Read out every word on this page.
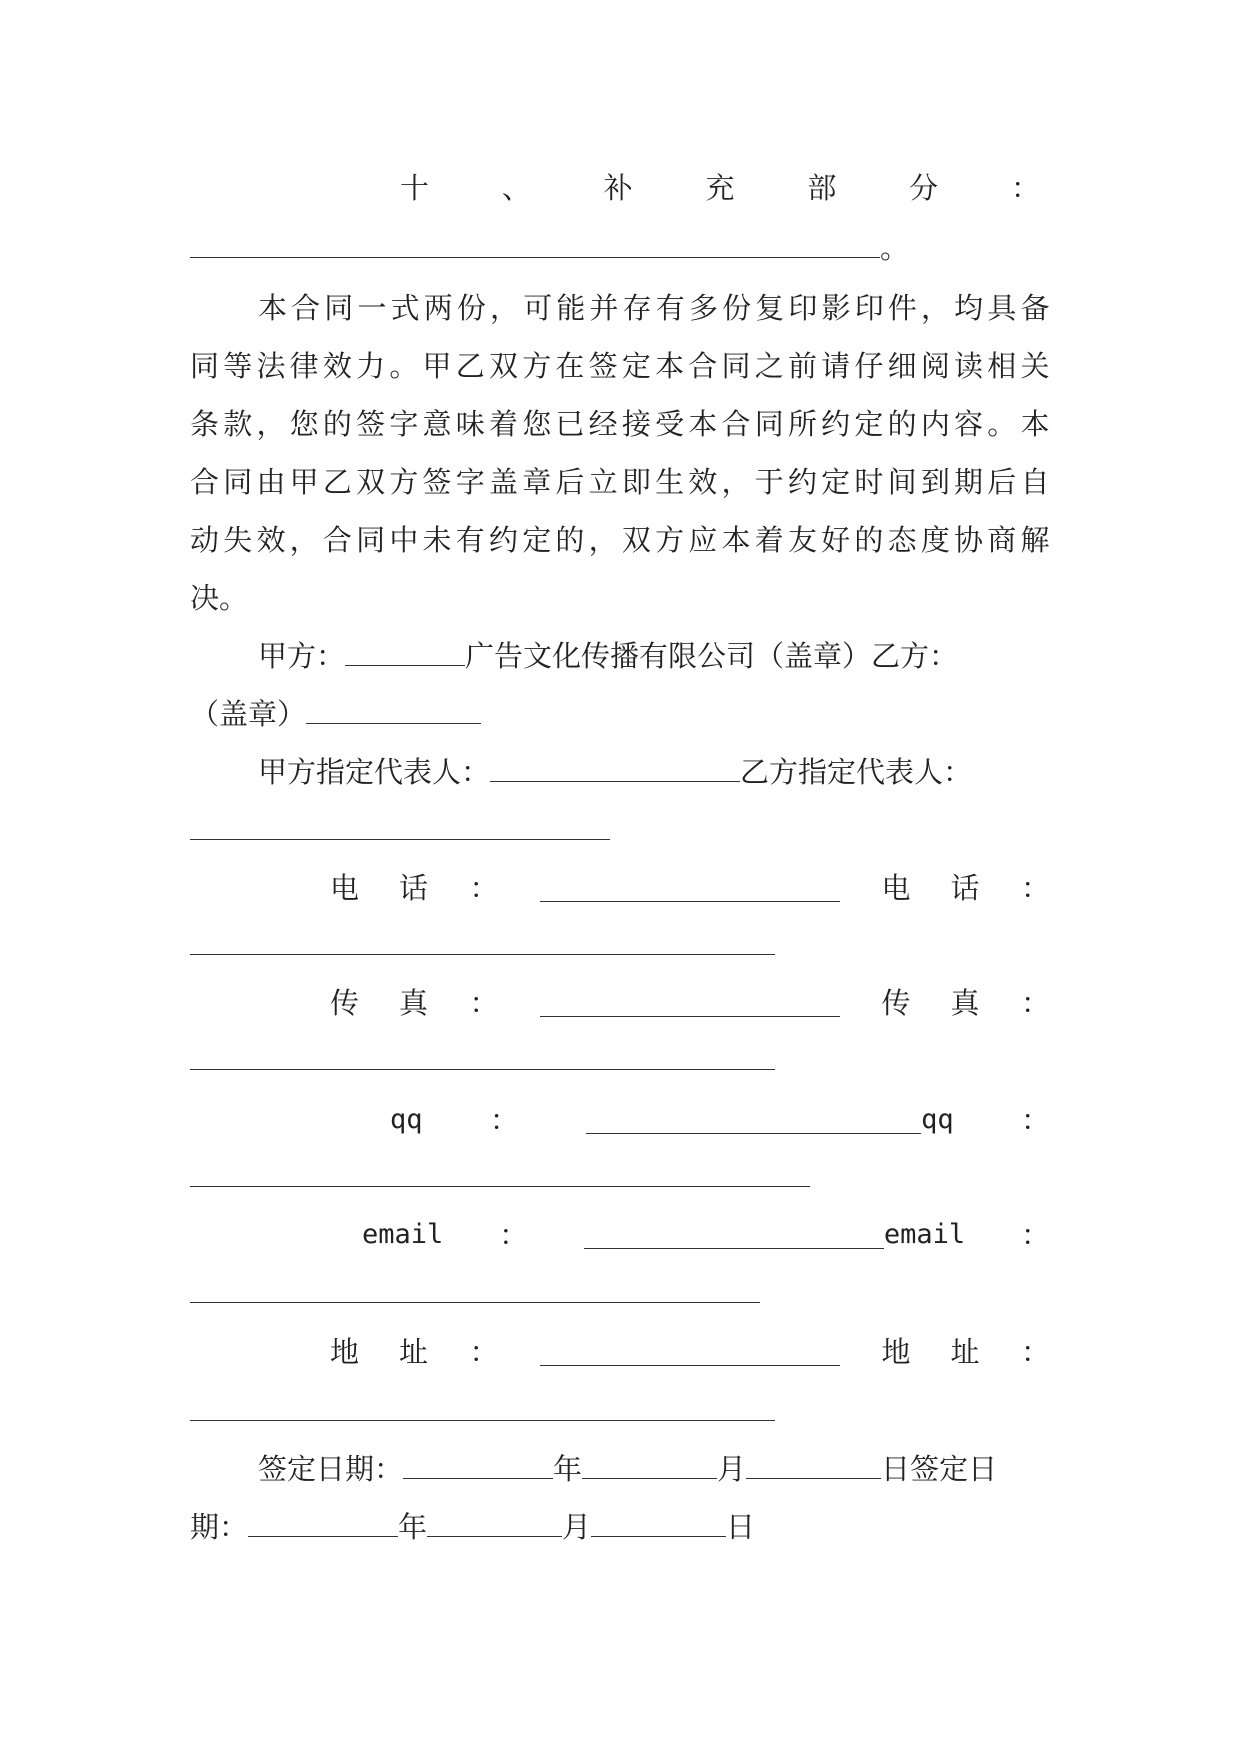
十	、	补	充	部	分	：
。
本合同一式两份，可能并存有多份复印影印件，均具备
同等法律效力。甲乙双方在签定本合同之前请仔细阅读相关
条款，您的签字意味着您已经接受本合同所约定的内容。本
合同由甲乙双方签字盖章后立即生效，于约定时间到期后自
动失效，合同中未有约定的，双方应本着友好的态度协商解
决。
甲方：	广告文化传播有限公司（盖章）乙方：
（盖章）
甲方指定代表人：	乙方指定代表人：
电 话 ：	电 话 ：
传 真 ：	传 真 ：
qq ：	qq ：
email ：	email ：
地 址 ：	地 址 ：
签定日期：	年	月	日签定日
期：	年	月	日
